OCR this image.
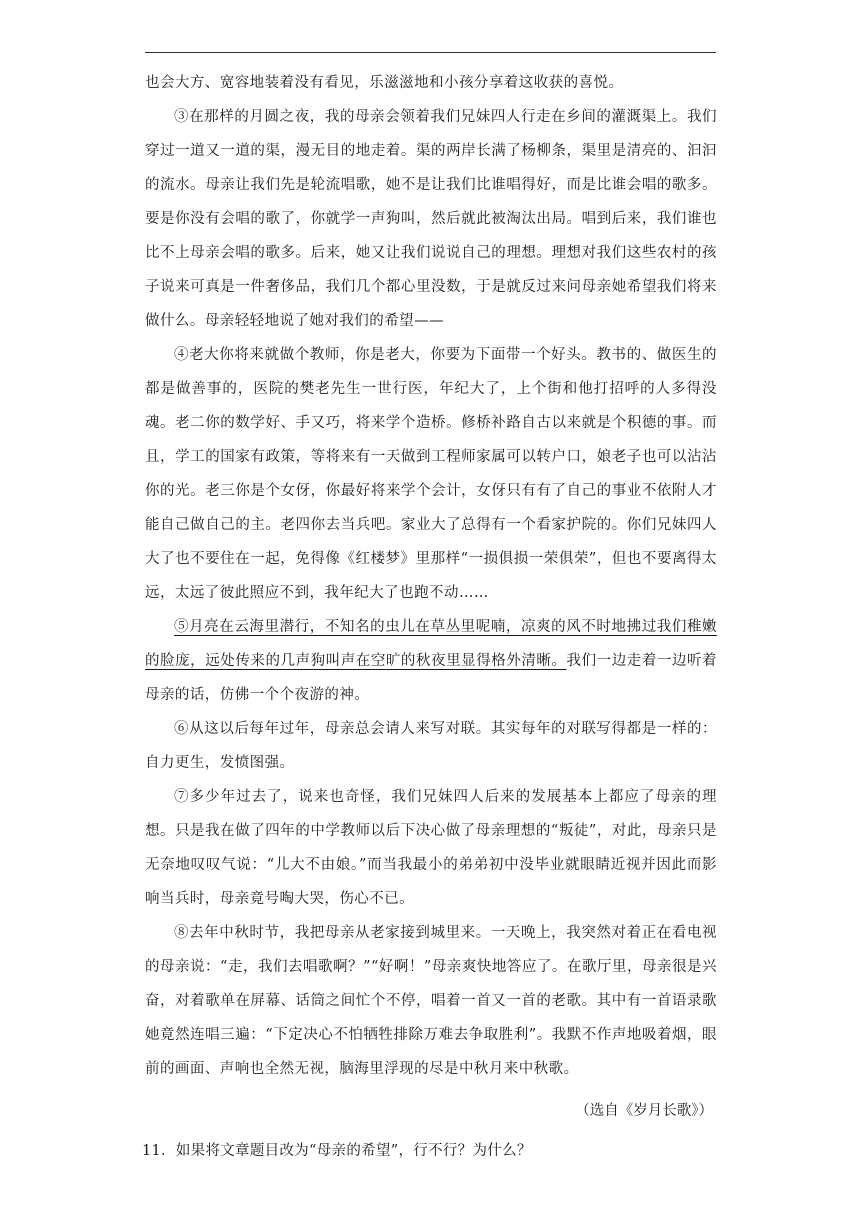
也会大方、宽容地装着没有看见，乐滋滋地和小孩分享着这收获的喜悦。

③在那样的月圆之夜，我的母亲会领着我们兄妹四人行走在乡间的灌溉渠上。我们穿过一道又一道的渠，漫无目的地走着。渠的两岸长满了杨柳条，渠里是清亮的、汩汩的流水。母亲让我们先是轮流唱歌，她不是让我们比谁唱得好，而是比谁会唱的歌多。要是你没有会唱的歌了，你就学一声狗叫，然后就此被淘汰出局。唱到后来，我们谁也比不上母亲会唱的歌多。后来，她又让我们说说自己的理想。理想对我们这些农村的孩子说来可真是一件奢侈品，我们几个都心里没数，于是就反过来问母亲她希望我们将来做什么。母亲轻轻地说了她对我们的希望——

④老大你将来就做个教师，你是老大，你要为下面带一个好头。教书的、做医生的都是做善事的，医院的樊老先生一世行医，年纪大了，上个街和他打招呼的人多得没魂。老二你的数学好、手又巧，将来学个造桥。修桥补路自古以来就是个积德的事。而且，学工的国家有政策，等将来有一天做到工程师家属可以转户口，娘老子也可以沾沾你的光。老三你是个女伢，你最好将来学个会计，女伢只有有了自己的事业不依附人才能自己做自己的主。老四你去当兵吧。家业大了总得有一个看家护院的。你们兄妹四人大了也不要住在一起，免得像《红楼梦》里那样“一损俱损一荣俱荣”，但也不要离得太远，太远了彼此照应不到，我年纪大了也跑不动……

⑤月亮在云海里潜行，不知名的虫儿在草丛里呢喃，凉爽的风不时地拂过我们稚嫩的脸庞，远处传来的几声狗叫声在空旷的秋夜里显得格外清晰。我们一边走着一边听着母亲的话，仿佛一个个夜游的神。

⑥从这以后每年过年，母亲总会请人来写对联。其实每年的对联写得都是一样的：自力更生，发愤图强。

⑦多少年过去了，说来也奇怪，我们兄妹四人后来的发展基本上都应了母亲的理想。只是我在做了四年的中学教师以后下决心做了母亲理想的“叛徒”，对此，母亲只是无奈地叹叹气说：“儿大不由娘。”而当我最小的弟弟初中没毕业就眼睛近视并因此而影响当兵时，母亲竟号啕大哭，伤心不已。

⑧去年中秋时节，我把母亲从老家接到城里来。一天晚上，我突然对着正在看电视的母亲说：“走，我们去唱歌啊？”“好啊！”母亲爽快地答应了。在歌厅里，母亲很是兴奋，对着歌单在屏幕、话筒之间忙个不停，唱着一首又一首的老歌。其中有一首语录歌她竟然连唱三遍：“下定决心不怕牺牲排除万难去争取胜利”。我默不作声地吸着烟，眼前的画面、声响也全然无视，脑海里浮现的尽是中秋月来中秋歌。

（选自《岁月长歌》）

11．如果将文章题目改为“母亲的希望”，行不行？为什么？
